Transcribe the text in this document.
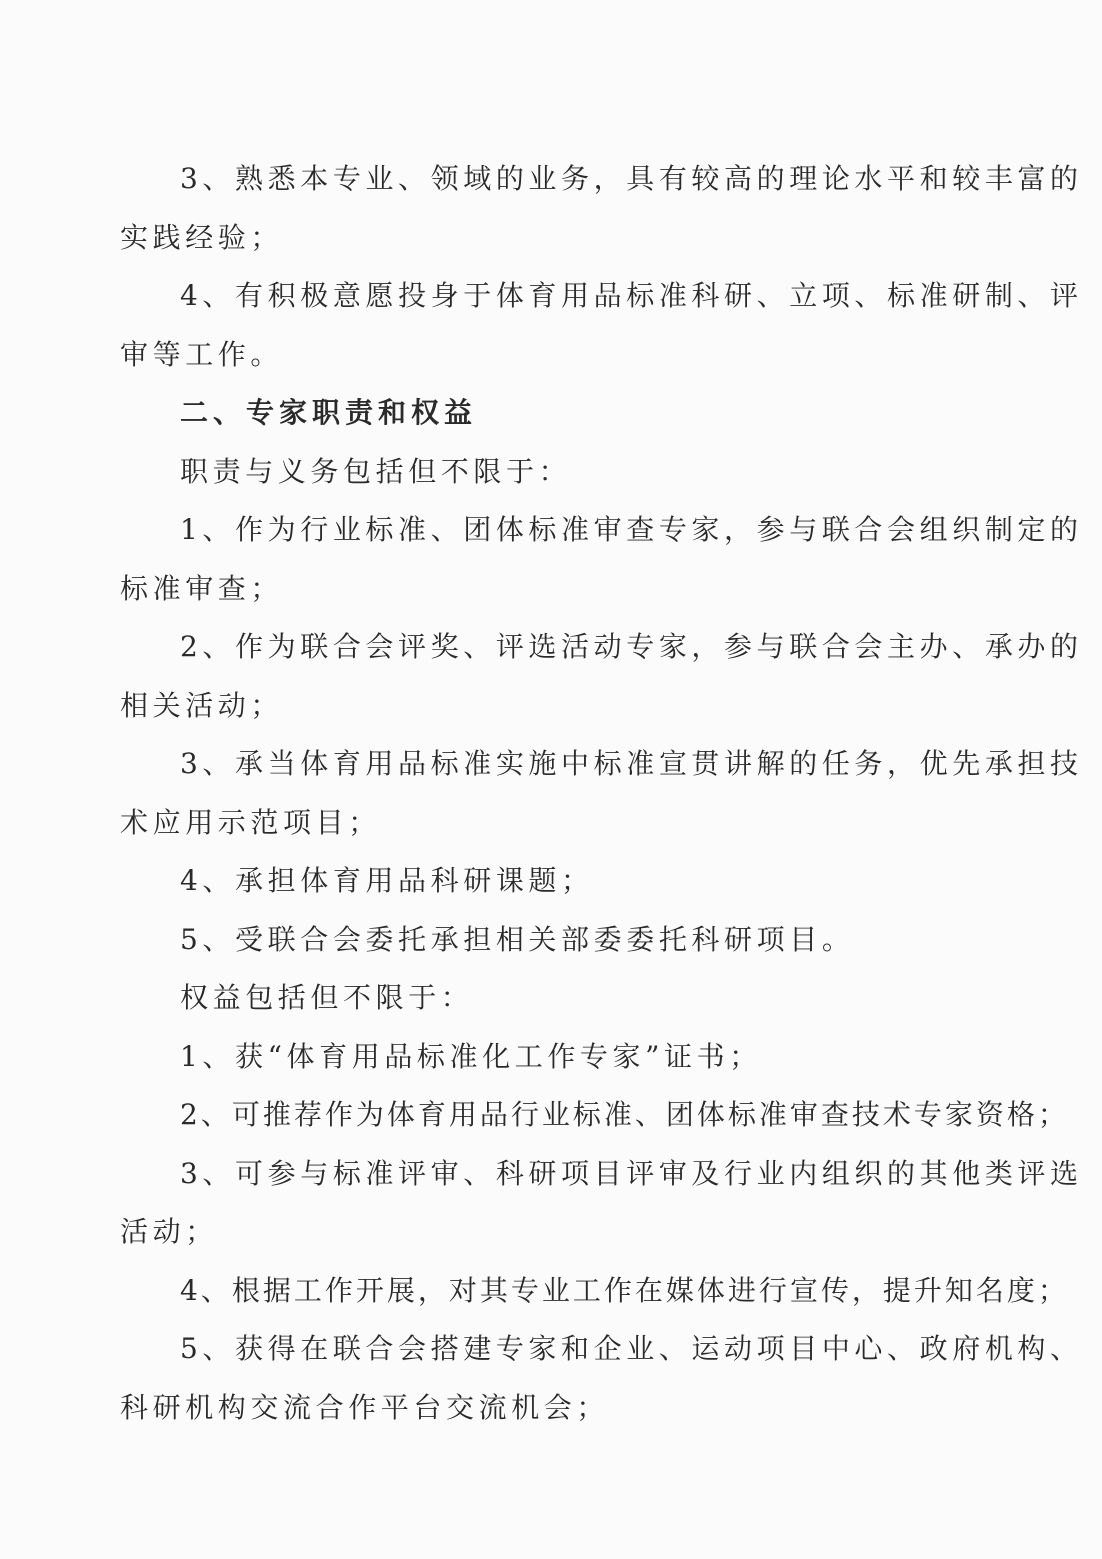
3、熟悉本专业、领域的业务，具有较高的理论水平和较丰富的
实践经验；

4、有积极意愿投身于体育用品标准科研、立项、标准研制、评
审等工作。

二、专家职责和权益

职责与义务包括但不限于：

1、作为行业标准、团体标准审查专家，参与联合会组织制定的
标准审查；

2、作为联合会评奖、评选活动专家，参与联合会主办、承办的
相关活动；

3、承当体育用品标准实施中标准宣贯讲解的任务，优先承担技
术应用示范项目；

4、承担体育用品科研课题；

5、受联合会委托承担相关部委委托科研项目。

权益包括但不限于：

1、获“体育用品标准化工作专家”证书；

2、可推荐作为体育用品行业标准、团体标准审查技术专家资格；

3、可参与标准评审、科研项目评审及行业内组织的其他类评选
活动；

4、根据工作开展，对其专业工作在媒体进行宣传，提升知名度；

5、获得在联合会搭建专家和企业、运动项目中心、政府机构、
科研机构交流合作平台交流机会；
